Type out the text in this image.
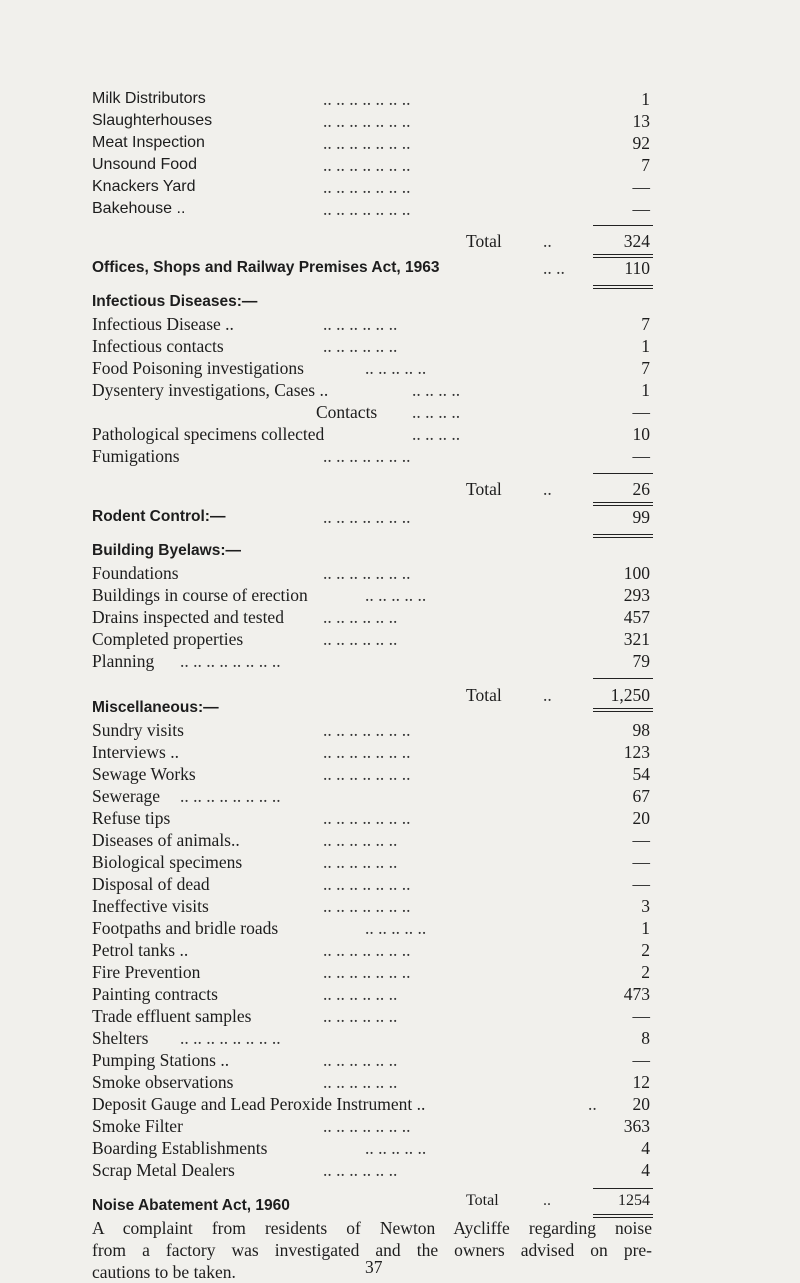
Milk Distributors	.. .. .. .. .. .. ..	1
Slaughterhouses	.. .. .. .. .. .. ..	13
Meat Inspection	.. .. .. .. .. .. ..	92
Unsound Food	.. .. .. .. .. .. ..	7
Knackers Yard	.. .. .. .. .. .. ..	—
Bakehouse ..	.. .. .. .. .. .. ..	—
Total ..	324
Offices, Shops and Railway Premises Act, 1963	.. ..	110
Infectious Diseases:—
Infectious Disease ..	.. .. .. .. .. ..	7
Infectious contacts	.. .. .. .. .. ..	1
Food Poisoning investigations	.. .. .. .. ..	7
Dysentery investigations, Cases ..	.. .. .. ..	1
Contacts .. .. .. ..	—
Pathological specimens collected	.. .. .. ..	10
Fumigations	.. .. .. .. .. .. ..	—
Total ..	26
Rodent Control:—	.. .. .. .. .. .. ..	99
Building Byelaws:—
Foundations	.. .. .. .. .. .. ..	100
Buildings in course of erection	.. .. .. .. ..	293
Drains inspected and tested .. .. .. .. .. ..	457
Completed properties	.. .. .. .. .. ..	321
Planning .. .. .. .. .. .. .. ..	79
Total ..	1,250
Miscellaneous:—
Sundry visits	.. .. .. .. .. .. ..	98
Interviews ..	.. .. .. .. .. .. ..	123
Sewage Works	.. .. .. .. .. .. ..	54
Sewerage .. .. .. .. .. .. .. ..	67
Refuse tips	.. .. .. .. .. .. ..	20
Diseases of animals..	.. .. .. .. .. ..	—
Biological specimens	.. .. .. .. .. ..	—
Disposal of dead	.. .. .. .. .. .. ..	—
Ineffective visits	.. .. .. .. .. .. ..	3
Footpaths and bridle roads	.. .. .. .. ..	1
Petrol tanks ..	.. .. .. .. .. .. ..	2
Fire Prevention	.. .. .. .. .. .. ..	2
Painting contracts	.. .. .. .. .. ..	473
Trade effluent samples	.. .. .. .. .. ..	—
Shelters .. .. .. .. .. .. .. ..	8
Pumping Stations ..	.. .. .. .. .. ..	—
Smoke observations	.. .. .. .. .. ..	12
Deposit Gauge and Lead Peroxide Instrument ..	.. 20
Smoke Filter	.. .. .. .. .. .. ..	363
Boarding Establishments	.. .. .. .. ..	4
Scrap Metal Dealers	.. .. .. .. .. ..	4
Total	..	1254
Noise Abatement Act, 1960
A complaint from residents of Newton Aycliffe regarding noise
from a factory was investigated and the owners advised on pre-
cautions to be taken.	37
